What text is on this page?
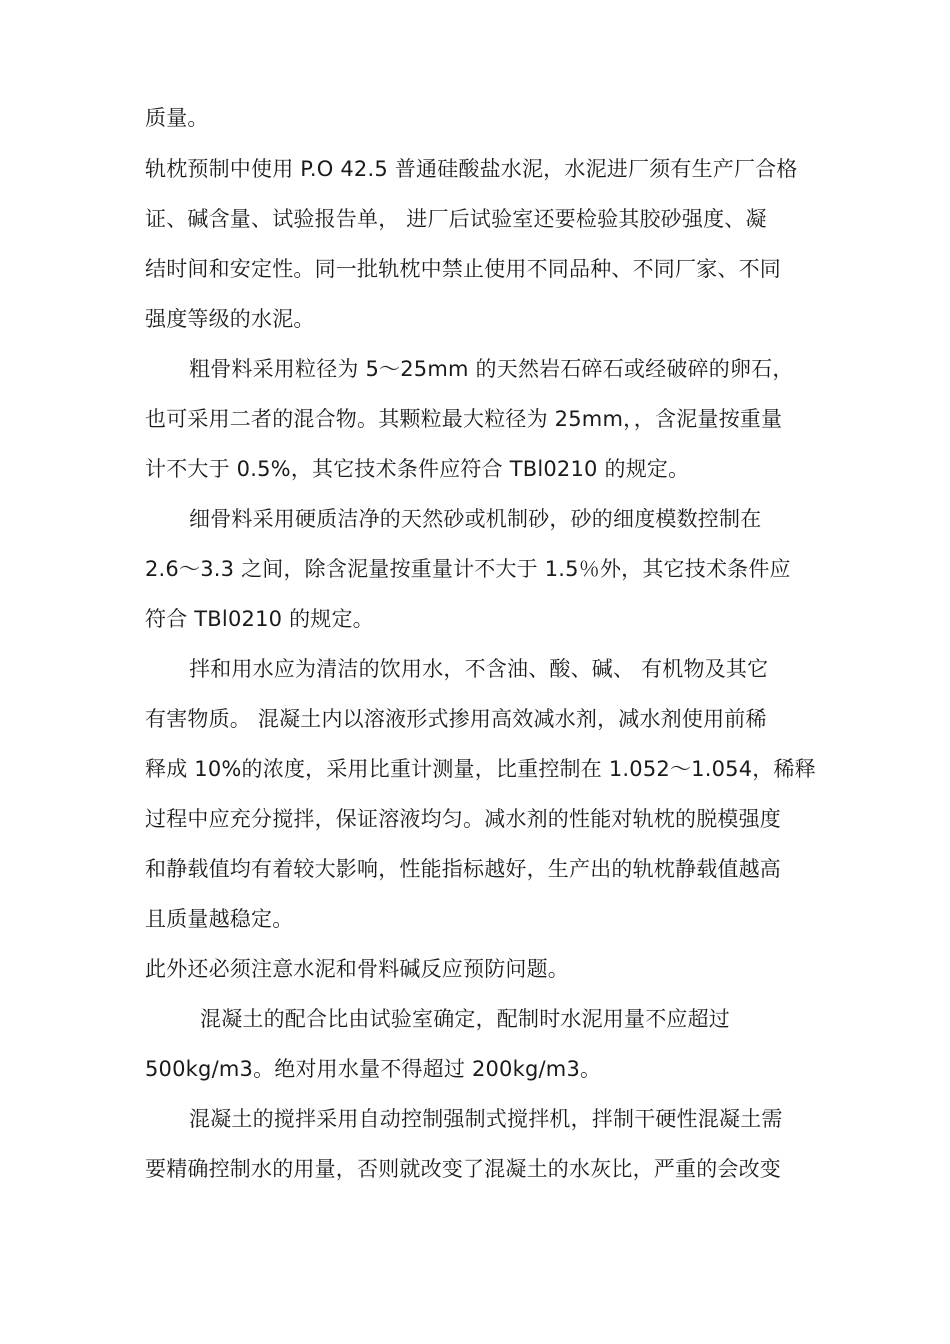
质量。

轨枕预制中使用 P.O 42.5 普通硅酸盐水泥，水泥进厂须有生产厂合格

证、碱含量、试验报告单， 进厂后试验室还要检验其胶砂强度、凝

结时间和安定性。同一批轨枕中禁止使用不同品种、不同厂家、不同

强度等级的水泥。

粗骨料采用粒径为 5～25mm 的天然岩石碎石或经破碎的卵石，

也可采用二者的混合物。其颗粒最大粒径为 25mm，，含泥量按重量

计不大于 0.5%，其它技术条件应符合 TBl0210 的规定。

细骨料采用硬质洁净的天然砂或机制砂，砂的细度模数控制在

2.6～3.3 之间，除含泥量按重量计不大于 1.5％外，其它技术条件应

符合 TBl0210 的规定。

拌和用水应为清洁的饮用水，不含油、酸、碱、 有机物及其它

有害物质。 混凝土内以溶液形式掺用高效减水剂，减水剂使用前稀

释成 10%的浓度，采用比重计测量，比重控制在 1.052～1.054，稀释

过程中应充分搅拌，保证溶液均匀。减水剂的性能对轨枕的脱模强度

和静载值均有着较大影响，性能指标越好，生产出的轨枕静载值越高

且质量越稳定。

此外还必须注意水泥和骨料碱反应预防问题。

混凝土的配合比由试验室确定，配制时水泥用量不应超过

500kg/m3。绝对用水量不得超过 200kg/m3。

混凝土的搅拌采用自动控制强制式搅拌机，拌制干硬性混凝土需

要精确控制水的用量，否则就改变了混凝土的水灰比，严重的会改变
